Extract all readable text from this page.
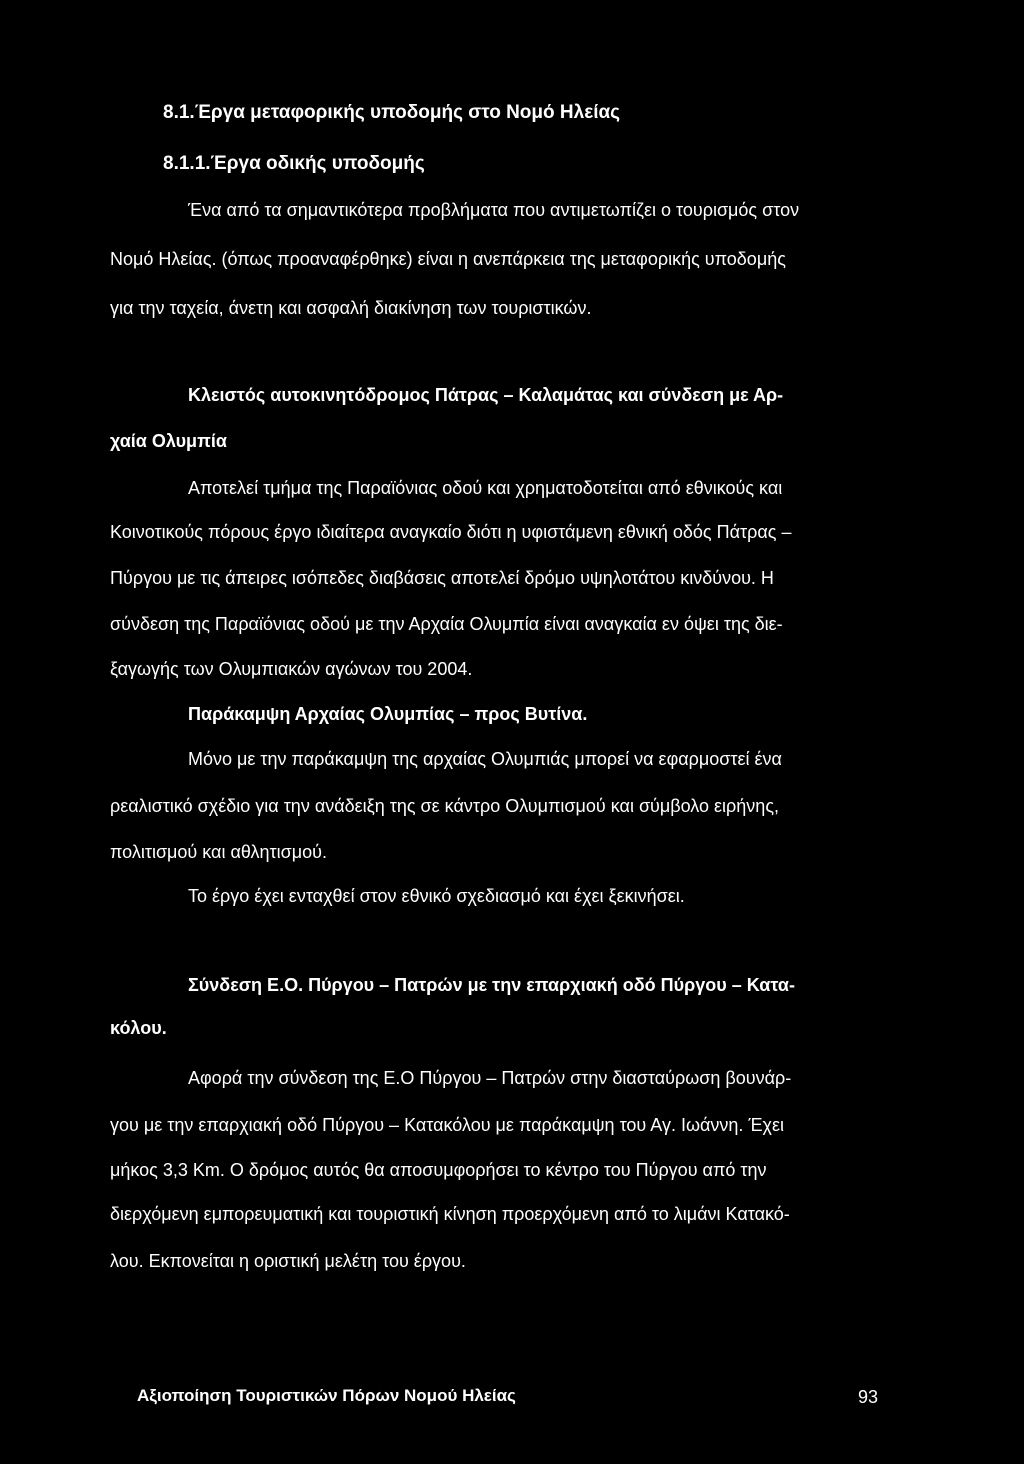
8.1.Έργα μεταφορικής υποδομής στο Νομό Ηλείας
8.1.1.Έργα οδικής υποδομής
Ένα από τα σημαντικότερα προβλήματα που αντιμετωπίζει ο τουρισμός στον
Νομό Ηλείας. (όπως προαναφέρθηκε) είναι η ανεπάρκεια της μεταφορικής υποδομής
για την ταχεία, άνετη και ασφαλή διακίνηση των τουριστικών.
Κλειστός αυτοκινητόδρομος Πάτρας – Καλαμάτας και σύνδεση με Αρ-
χαία Ολυμπία
Αποτελεί τμήμα της Παραϊόνιας οδού και χρηματοδοτείται από εθνικούς και
Κοινοτικούς πόρους έργο ιδιαίτερα αναγκαίο διότι η υφιστάμενη εθνική οδός Πάτρας –
Πύργου με τις άπειρες ισόπεδες διαβάσεις αποτελεί δρόμο υψηλοτάτου κινδύνου. Η
σύνδεση της Παραϊόνιας οδού με την Αρχαία Ολυμπία είναι αναγκαία εν όψει της διε-
ξαγωγής των Ολυμπιακών αγώνων του 2004.
Παράκαμψη Αρχαίας Ολυμπίας – προς Βυτίνα.
Μόνο με την παράκαμψη της αρχαίας Ολυμπιάς μπορεί να εφαρμοστεί ένα
ρεαλιστικό σχέδιο για την ανάδειξη της σε κάντρο Ολυμπισμού και σύμβολο ειρήνης,
πολιτισμού και αθλητισμού.
Το έργο έχει ενταχθεί στον εθνικό σχεδιασμό και έχει ξεκινήσει.
Σύνδεση Ε.Ο. Πύργου – Πατρών με την επαρχιακή οδό Πύργου – Κατα-
κόλου.
Αφορά την σύνδεση της Ε.Ο Πύργου – Πατρών στην διασταύρωση βουνάρ-
γου με την επαρχιακή οδό Πύργου – Κατακόλου με παράκαμψη του Αγ. Ιωάννη. Έχει
μήκος 3,3 Km. Ο δρόμος αυτός θα αποσυμφορήσει το κέντρο του Πύργου από την
διερχόμενη εμπορευματική και τουριστική κίνηση προερχόμενη από το λιμάνι Κατακό-
λου. Εκπονείται η οριστική μελέτη του έργου.
Αξιοποίηση Τουριστικών Πόρων Νομού Ηλείας	93
